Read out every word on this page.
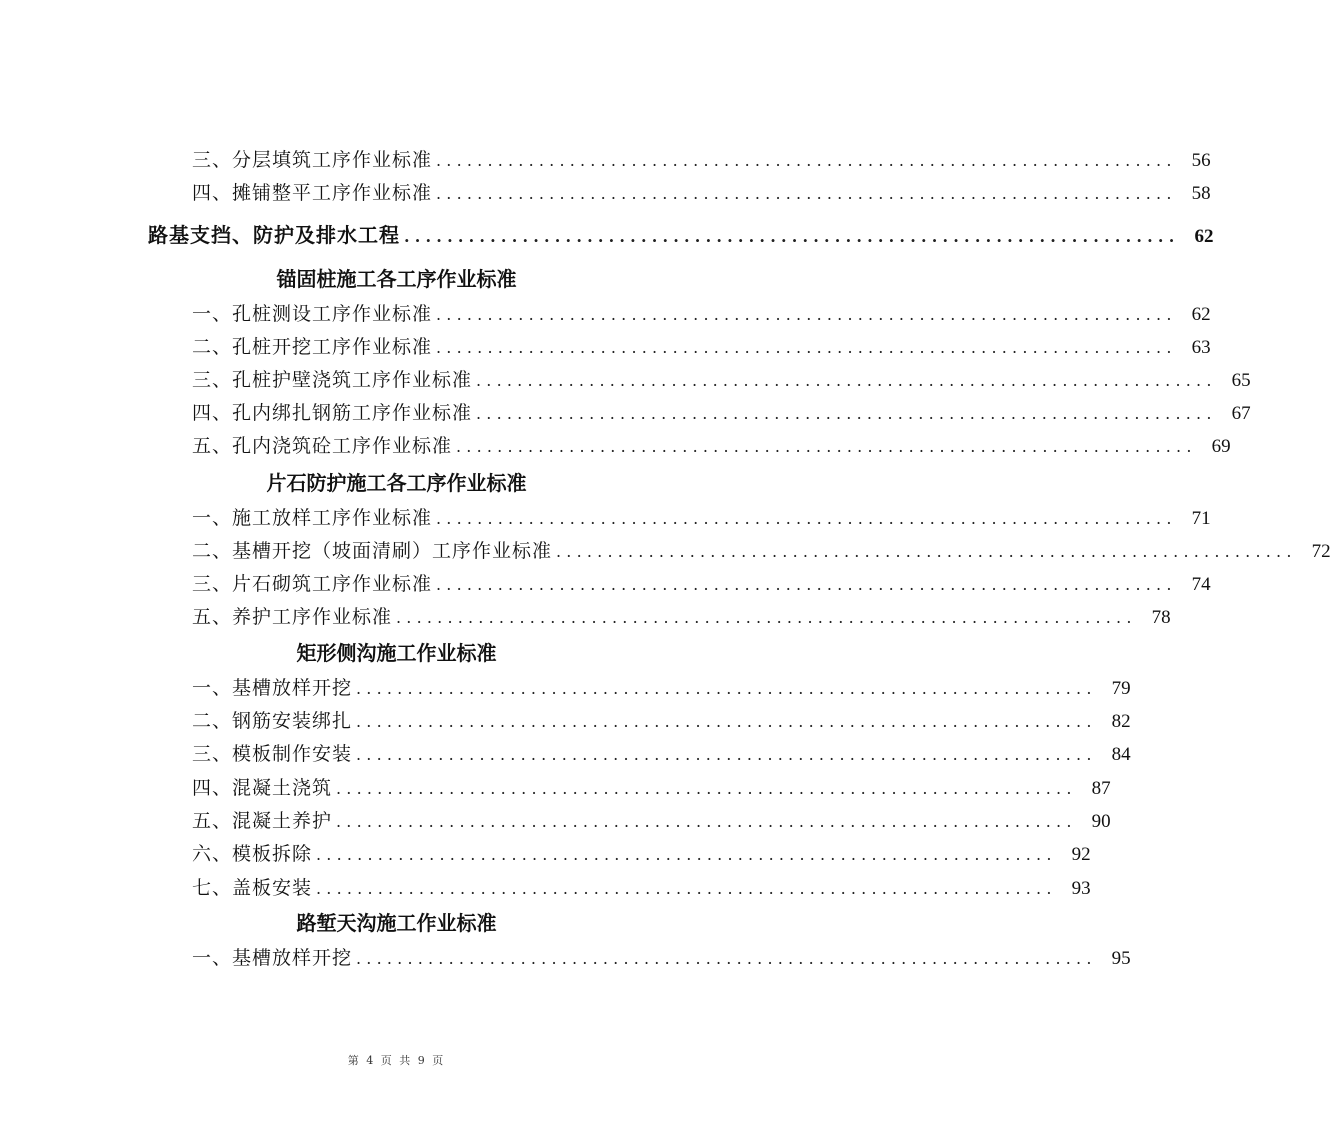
三、分层填筑工序作业标准 ........................................................................ 56
四、摊铺整平工序作业标准 ........................................................................ 58
路基支挡、防护及排水工程 ........................................................................ 62
锚固桩施工各工序作业标准
一、孔桩测设工序作业标准 ........................................................................ 62
二、孔桩开挖工序作业标准 ........................................................................ 63
三、孔桩护壁浇筑工序作业标准 ........................................................................ 65
四、孔内绑扎钢筋工序作业标准 ........................................................................ 67
五、孔内浇筑砼工序作业标准 ........................................................................ 69
片石防护施工各工序作业标准
一、施工放样工序作业标准 ........................................................................ 71
二、基槽开挖（坡面清刷）工序作业标准 ........................................................................ 72
三、片石砌筑工序作业标准 ........................................................................ 74
五、养护工序作业标准 ........................................................................ 78
矩形侧沟施工作业标准
一、基槽放样开挖 ........................................................................ 79
二、钢筋安装绑扎 ........................................................................ 82
三、模板制作安装 ........................................................................ 84
四、混凝土浇筑 ........................................................................ 87
五、混凝土养护 ........................................................................ 90
六、模板拆除 ........................................................................ 92
七、盖板安装 ........................................................................ 93
路堑天沟施工作业标准
一、基槽放样开挖 ........................................................................ 95
第 4 页 共 9 页
